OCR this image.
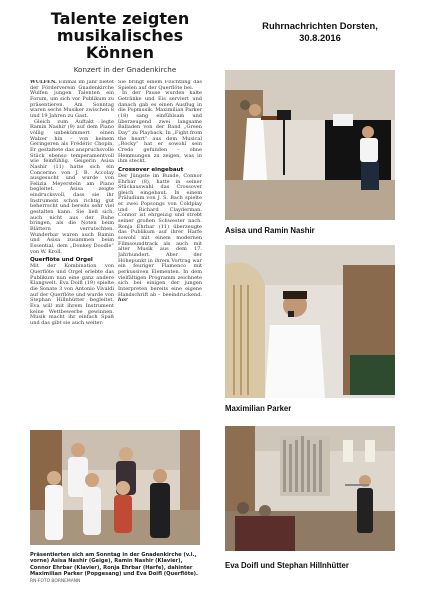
Talente zeigten musikalisches Können
Konzert in der Gnadenkirche
Ruhrnachrichten Dorsten,
30.8.2016

WULFEN. Einmal im Jahr bietet der Förderverein Gnadenkirche Wulfen jungen Talenten ein Forum, um sich vor Publikum zu präsentieren. Am Sonntag waren sechs Musiker zwischen 8 und 19 Jahren zu Gast.

Gleich zum Auftakt legte Ramin Nashir (9) auf dem Piano völlig unbekümmert einen Walzer hin – von keinem Geringeren als Frédéric Chopin. Er gestaltete das anspruchsvolle Stück ebenso temperamentvoll wie feinfühlig. Geigerin Asisa Nashir (11) hatte sich ein Concerino von J. B. Accolay ausgesucht und wurde von Felizia Meyerstein am Piano begleitet. Asisa zeigte eindrucksvoll, dass sie ihr Instrument schon richtig gut beherrscht und bereits sehr viel gestalten kann. Sie ließ sich, auch nicht aus der Ruhe bringen, als die Noten beim Blättern verrutschten. Wunderbar waren auch Ramin und Asisa zusammen beim Essential, dem „Donkey Doodle“ von W. Kroll.

Querflöte und Orgel

Mit der Kombination von Querflöte und Orgel erlebte das Publikum nun eine ganz andere Klangwelt. Eva Doifl (19) spielte die Sonate 3 von Antonio Vivaldi auf der Querflöte und wurde von Stephan Hillnhütter begleitet. Eva will mit ihrem Instrument keine Wettbewerbe gewinnen. Musik macht ihr einfach Spaß und das gibt sie auch weiter:

Sie bringt einem Flüchtling das Spielen auf der Querflöte bei.

In der Pause wurden kalte Getränke und Eis serviert und danach gab es einen Ausflug in die Popmusik. Maximilian Parker (18) sang einfühlsam und überzeugend zwei langsame Balladen von der Band „Green Day“ zu Playback. In „Fight from the heart“ aus dem Musical „Rocky“ hat er sowohl sein Credo gefunden – ohne Hemmungen zu zeigen, was in ihm steckt.

Crossover eingebaut

Der Jüngste im Bunde, Connor Ehrbar (8), hatte in seiner Stückauswahl das Crossover gleich eingebaut. In einem Präludium von J. S. Bach spielte er zwei Popsongs von Coldplay und Richard Clayderman. Connor ist ehrgeizig und strebt seiner großen Schwester nach. Ronja Ehrbar (11) überzeugte das Publikum auf ihrer Harfe sowohl mit einem modernen Filmsoundtrack als auch mit alter Musik aus dem 17. Jahrhundert. Aber der Höhepunkt in ihrem Vortrag war ein feuriger Flamenco mit perkussiven Elementen. In dem vielfältigen Programm zeichnete sich bei einigen der jungen Interpreten bereits eine eigene Handschrift ab – beeindruckend. hor

Präsentierten sich am Sonntag in der Gnadenkirche (v.l., vorne) Asisa Nashir (Geige), Ramin Nashir (Klavier), Connor Ehrbar (Klavier), Ronja Ehrbar (Harfe), dahinter Maximilian Parker (Popgesang) und Eva Doifl (Querflöte). RN-FOTO BORNEMANN
Asisa und Ramin Nashir
Maximilian Parker
Eva Doifl und Stephan Hillnhütter
